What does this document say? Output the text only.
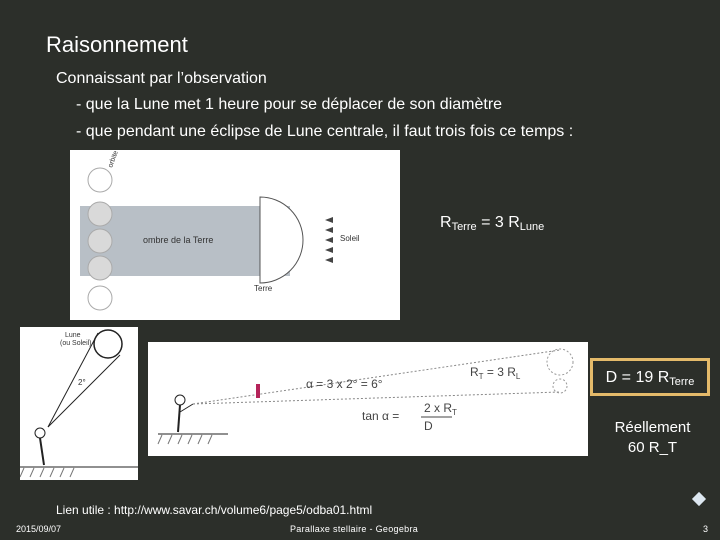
Raisonnement
Connaissant par l’observation
- que la Lune met 1 heure pour se déplacer de son diamètre
- que pendant une éclipse de Lune centrale, il faut trois fois ce temps :
ombre de la Terre	Soleil
Terre
$R_{Terre} = 3$ $R_{Lune}$
Lune
(ou Soleil)
2°	α = 3 x 2° = 6°
$R_T = 3$ $R_L$
tan α =
2 x $R_T$
D
D = 19 $R_{Terre}$
Réellement
60 R_T
Lien utile : http://www.savar.ch/volume6/page5/odba01.html
2015/09/07	Parallaxe stellaire - Geogebra	3
